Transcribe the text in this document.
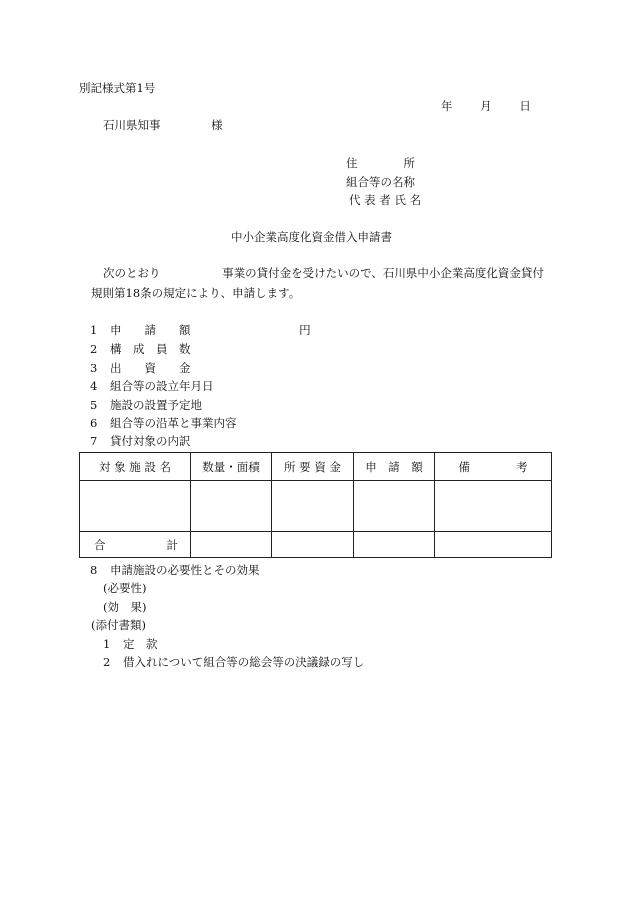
別記様式第1号
年 月 日
石川県知事	様
住　　　　所
組合等の名称
代 表 者 氏 名
中小企業高度化資金借入申請書
次のとおり	事業の貸付金を受けたいので、石川県中小企業高度化資金貸付
規則第18条の規定により、申請します。
1 申　　請　　額	円
2 構　成　員　数
3 出　　資　　金
4 組合等の設立年月日
5 施設の設置予定地
6 組合等の沿革と事業内容
7 貸付対象の内訳
対 象 施 設 名	数量・面積	所 要 資 金	申　請　額	備　　　　考

合 計				

8 申請施設の必要性とその効果
(必要性)
(効　果)
(添付書類)
1 定　款
2 借入れについて組合等の総会等の決議録の写し
